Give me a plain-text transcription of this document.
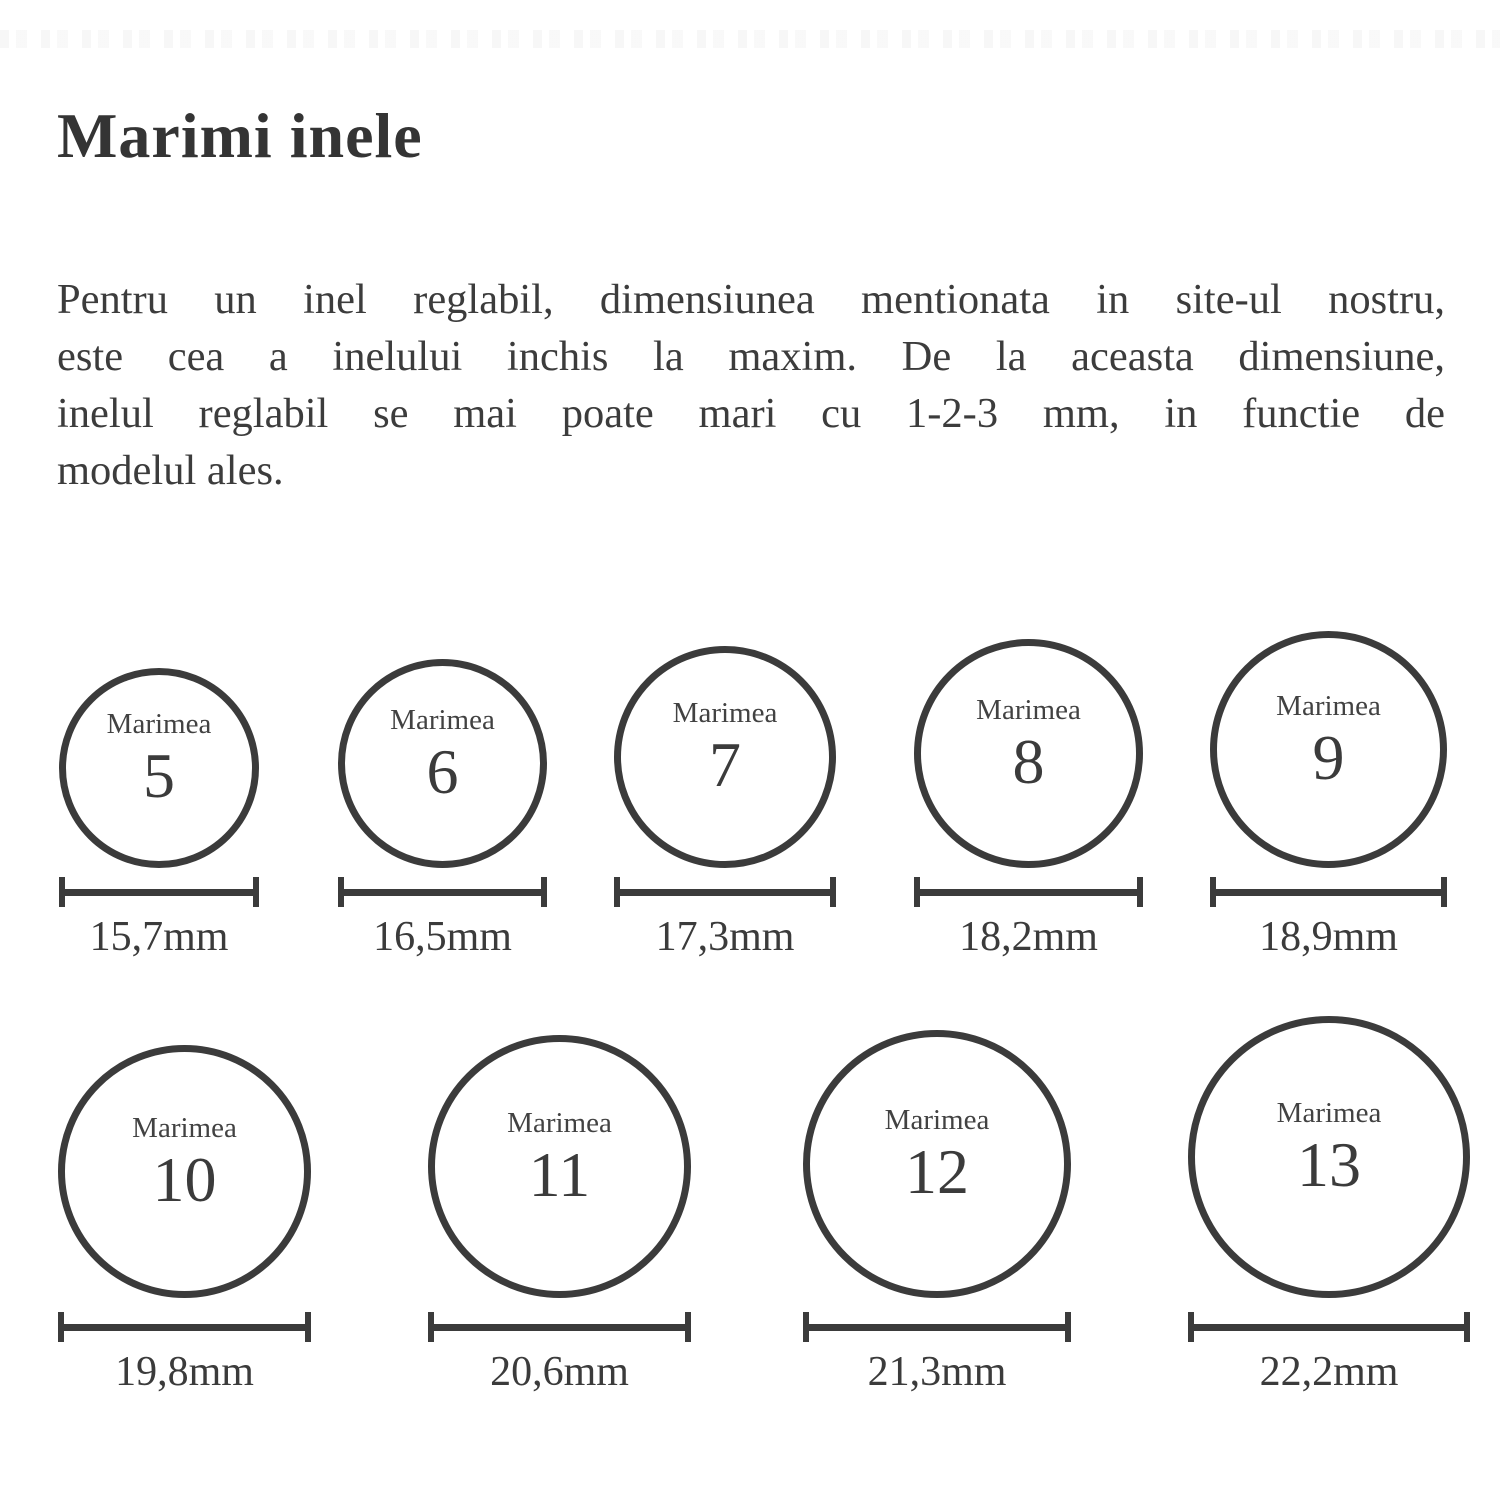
Marimi inele
Pentru un inel reglabil, dimensiunea mentionata in site-ul nostru,
este cea a inelului inchis la maxim. De la aceasta dimensiune,
inelul reglabil se mai poate mari cu 1-2-3 mm, in functie de
modelul ales.
Marimea
5
15,7mm
Marimea
6
16,5mm
Marimea
7
17,3mm
Marimea
8
18,2mm
Marimea
9
18,9mm
Marimea
10
19,8mm
Marimea
11
20,6mm
Marimea
12
21,3mm
Marimea
13
22,2mm
